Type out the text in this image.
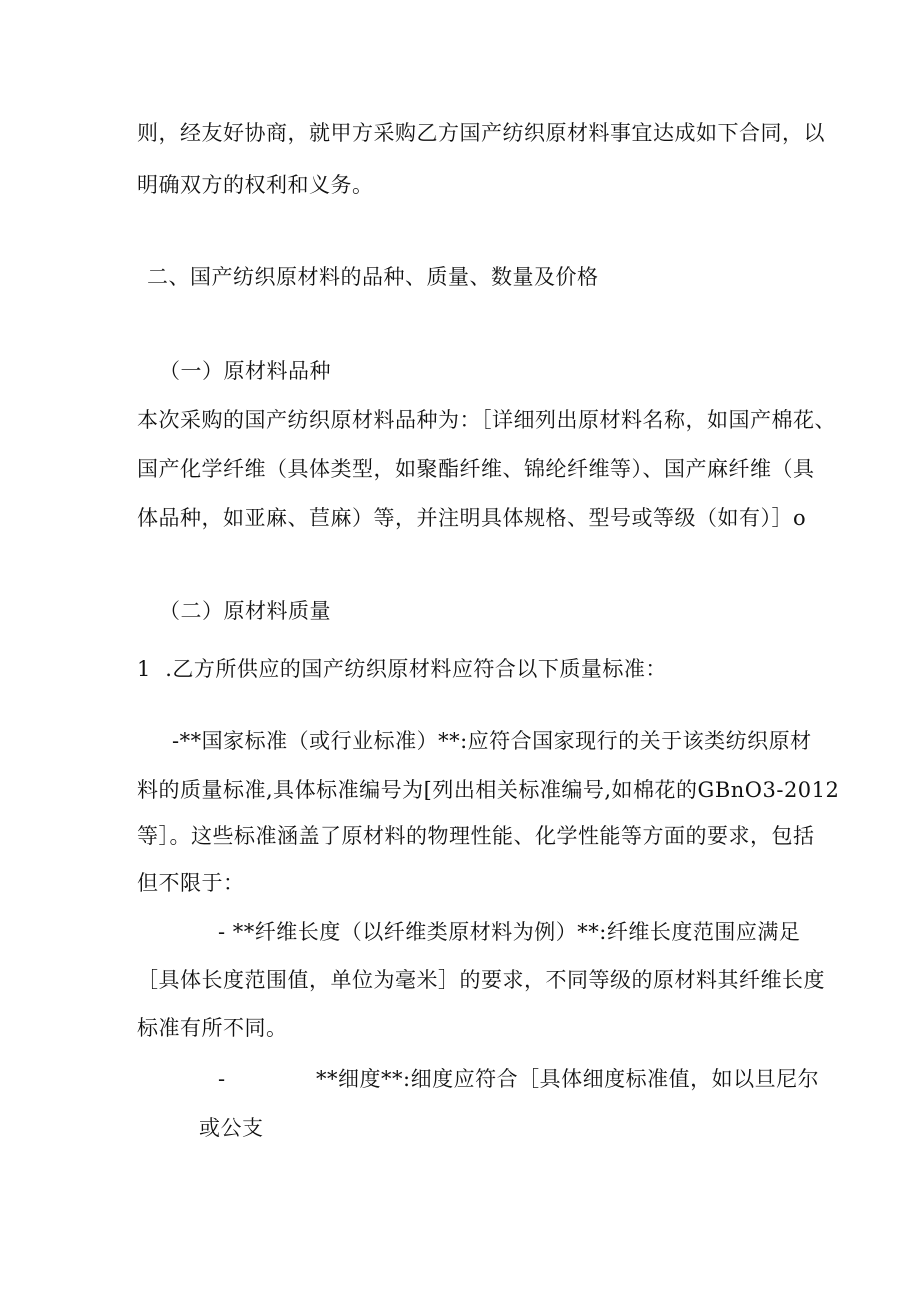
则，经友好协商，就甲方采购乙方国产纺织原材料事宜达成如下合同，以
明确双方的权利和义务。
二、国产纺织原材料的品种、质量、数量及价格
（一）原材料品种
本次采购的国产纺织原材料品种为：［详细列出原材料名称，如国产棉花、
国产化学纤维（具体类型，如聚酯纤维、锦纶纤维等）、国产麻纤维（具
体品种，如亚麻、苣麻）等，并注明具体规格、型号或等级（如有）］o
（二）原材料质量
1  .乙方所供应的国产纺织原材料应符合以下质量标准：
-**国家标准（或行业标准）**:应符合国家现行的关于该类纺织原材
料的质量标准,具体标准编号为[列出相关标准编号,如棉花的GBnO3-2012
等］。这些标准涵盖了原材料的物理性能、化学性能等方面的要求，包括
但不限于：
- **纤维长度（以纤维类原材料为例）**:纤维长度范围应满足
［具体长度范围值，单位为毫米］的要求，不同等级的原材料其纤维长度
标准有所不同。
-	**细度**:细度应符合［具体细度标准值，如以旦尼尔
或公支
